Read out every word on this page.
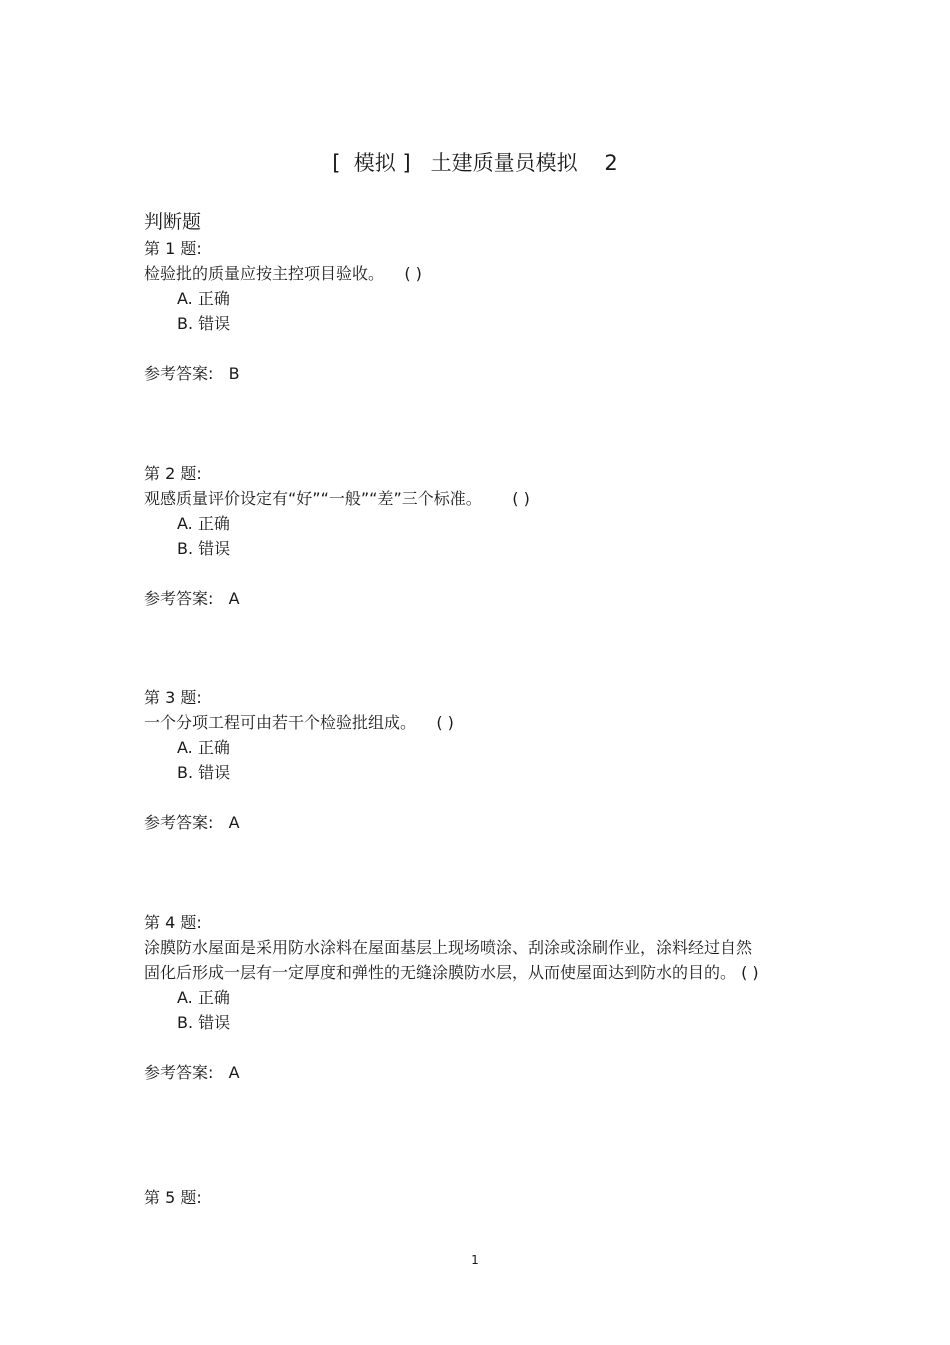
[  模拟 ]   土建质量员模拟    2
判断题
第 1 题:
检验批的质量应按主控项目验收。    ( )
A. 正确
B. 错误
参考答案:   B
第 2 题:
观感质量评价设定有“好”“一般”“差”三个标准。      ( )
A. 正确
B. 错误
参考答案:   A
第 3 题:
一个分项工程可由若干个检验批组成。    ( )
A. 正确
B. 错误
参考答案:   A
第 4 题:
涂膜防水屋面是采用防水涂料在屋面基层上现场喷涂、刮涂或涂刷作业，涂料经过自然固化后形成一层有一定厚度和弹性的无缝涂膜防水层，从而使屋面达到防水的目的。 ( )
A. 正确
B. 错误
参考答案:   A
第 5 题:
1
